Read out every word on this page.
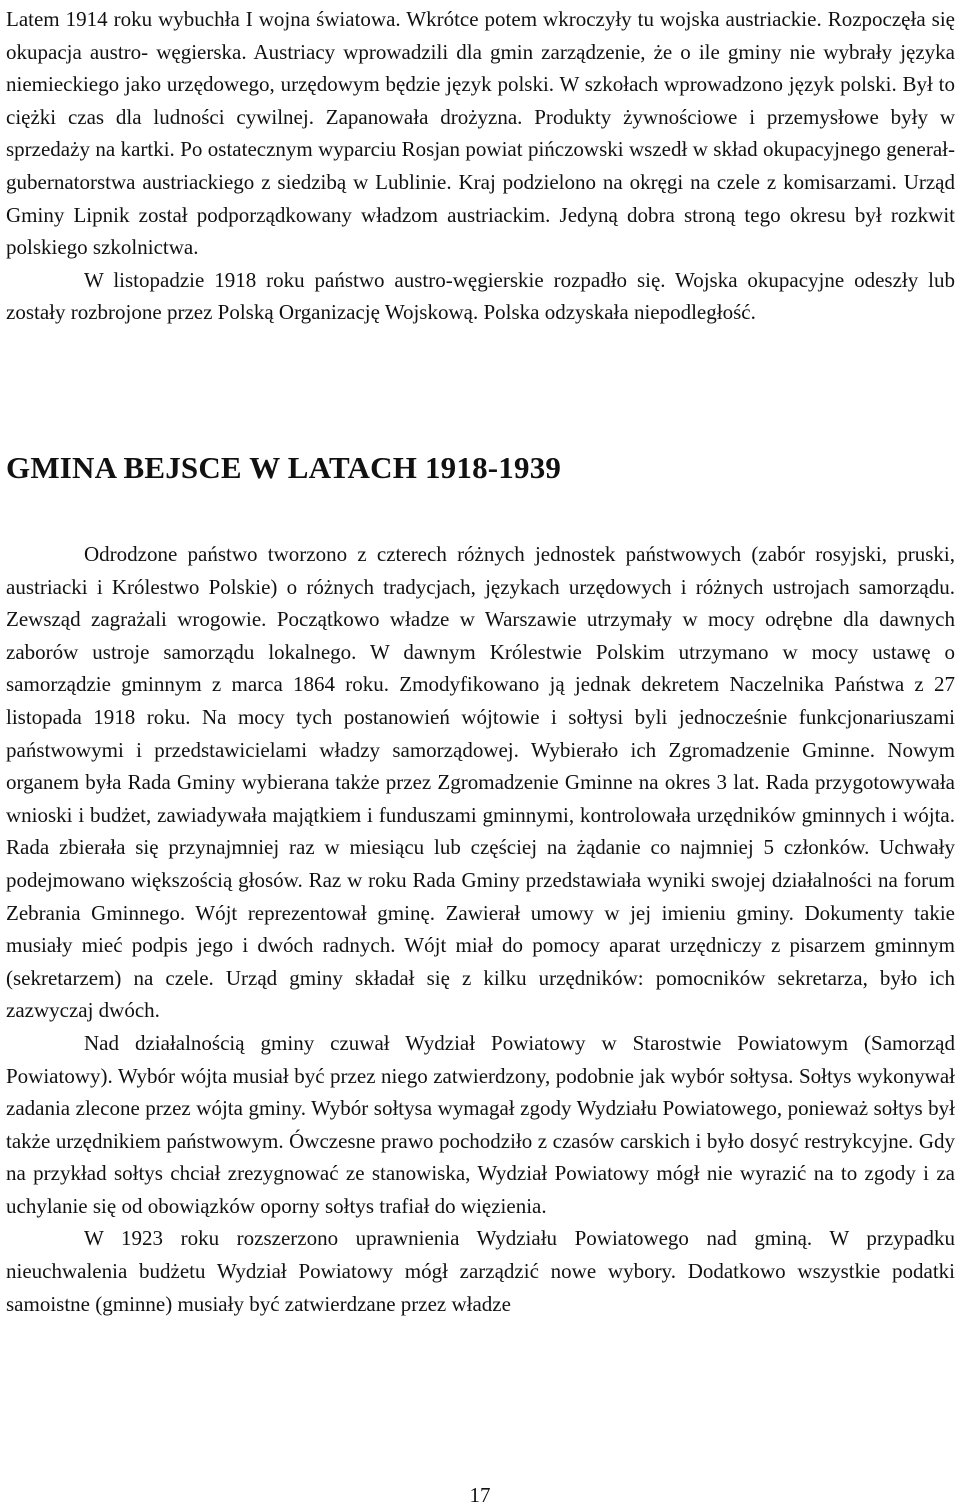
Latem 1914 roku wybuchła I wojna światowa. Wkrótce potem wkroczyły tu wojska austriackie. Rozpoczęła się okupacja austro- węgierska. Austriacy wprowadzili dla gmin zarządzenie, że o ile gminy nie wybrały języka niemieckiego jako urzędowego, urzędowym będzie język polski. W szkołach wprowadzono język polski. Był to ciężki czas dla ludności cywilnej. Zapanowała drożyzna. Produkty żywnościowe i przemysłowe były w sprzedaży na kartki. Po ostatecznym wyparciu Rosjan powiat pińczowski wszedł w skład okupacyjnego generał-gubernatorstwa austriackiego z siedzibą w Lublinie. Kraj podzielono na okręgi na czele z komisarzami. Urząd Gminy Lipnik został podporządkowany władzom austriackim. Jedyną dobra stroną tego okresu był rozkwit polskiego szkolnictwa.

W listopadzie 1918 roku państwo austro-węgierskie rozpadło się. Wojska okupacyjne odeszły lub zostały rozbrojone przez Polską Organizację Wojskową. Polska odzyskała niepodległość.

GMINA BEJSCE W LATACH 1918-1939

Odrodzone państwo tworzono z czterech różnych jednostek państwowych (zabór rosyjski, pruski, austriacki i Królestwo Polskie) o różnych tradycjach, językach urzędowych i różnych ustrojach samorządu. Zewsząd zagrażali wrogowie. Początkowo władze w Warszawie utrzymały w mocy odrębne dla dawnych zaborów ustroje samorządu lokalnego. W dawnym Królestwie Polskim utrzymano w mocy ustawę o samorządzie gminnym z marca 1864 roku. Zmodyfikowano ją jednak dekretem Naczelnika Państwa z 27 listopada 1918 roku. Na mocy tych postanowień wójtowie i sołtysi byli jednocześnie funkcjonariuszami państwowymi i przedstawicielami władzy samorządowej. Wybierało ich Zgromadzenie Gminne. Nowym organem była Rada Gminy wybierana także przez Zgromadzenie Gminne na okres 3 lat. Rada przygotowywała wnioski i budżet, zawiadywała majątkiem i funduszami gminnymi, kontrolowała urzędników gminnych i wójta. Rada zbierała się przynajmniej raz w miesiącu lub częściej na żądanie co najmniej 5 członków. Uchwały podejmowano większością głosów. Raz w roku Rada Gminy przedstawiała wyniki swojej działalności na forum Zebrania Gminnego. Wójt reprezentował gminę. Zawierał umowy w jej imieniu gminy. Dokumenty takie musiały mieć podpis jego i dwóch radnych. Wójt miał do pomocy aparat urzędniczy z pisarzem gminnym (sekretarzem) na czele. Urząd gminy składał się z kilku urzędników: pomocników sekretarza, było ich zazwyczaj dwóch.

Nad działalnością gminy czuwał Wydział Powiatowy w Starostwie Powiatowym (Samorząd Powiatowy). Wybór wójta musiał być przez niego zatwierdzony, podobnie jak wybór sołtysa. Sołtys wykonywał zadania zlecone przez wójta gminy. Wybór sołtysa wymagał zgody Wydziału Powiatowego, ponieważ sołtys był także urzędnikiem państwowym. Ówczesne prawo pochodziło z czasów carskich i było dosyć restrykcyjne. Gdy na przykład sołtys chciał zrezygnować ze stanowiska, Wydział Powiatowy mógł nie wyrazić na to zgody i za uchylanie się od obowiązków oporny sołtys trafiał do więzienia.

W 1923 roku rozszerzono uprawnienia Wydziału Powiatowego nad gminą. W przypadku nieuchwalenia budżetu Wydział Powiatowy mógł zarządzić nowe wybory. Dodatkowo wszystkie podatki samoistne (gminne) musiały być zatwierdzane przez władze

17
